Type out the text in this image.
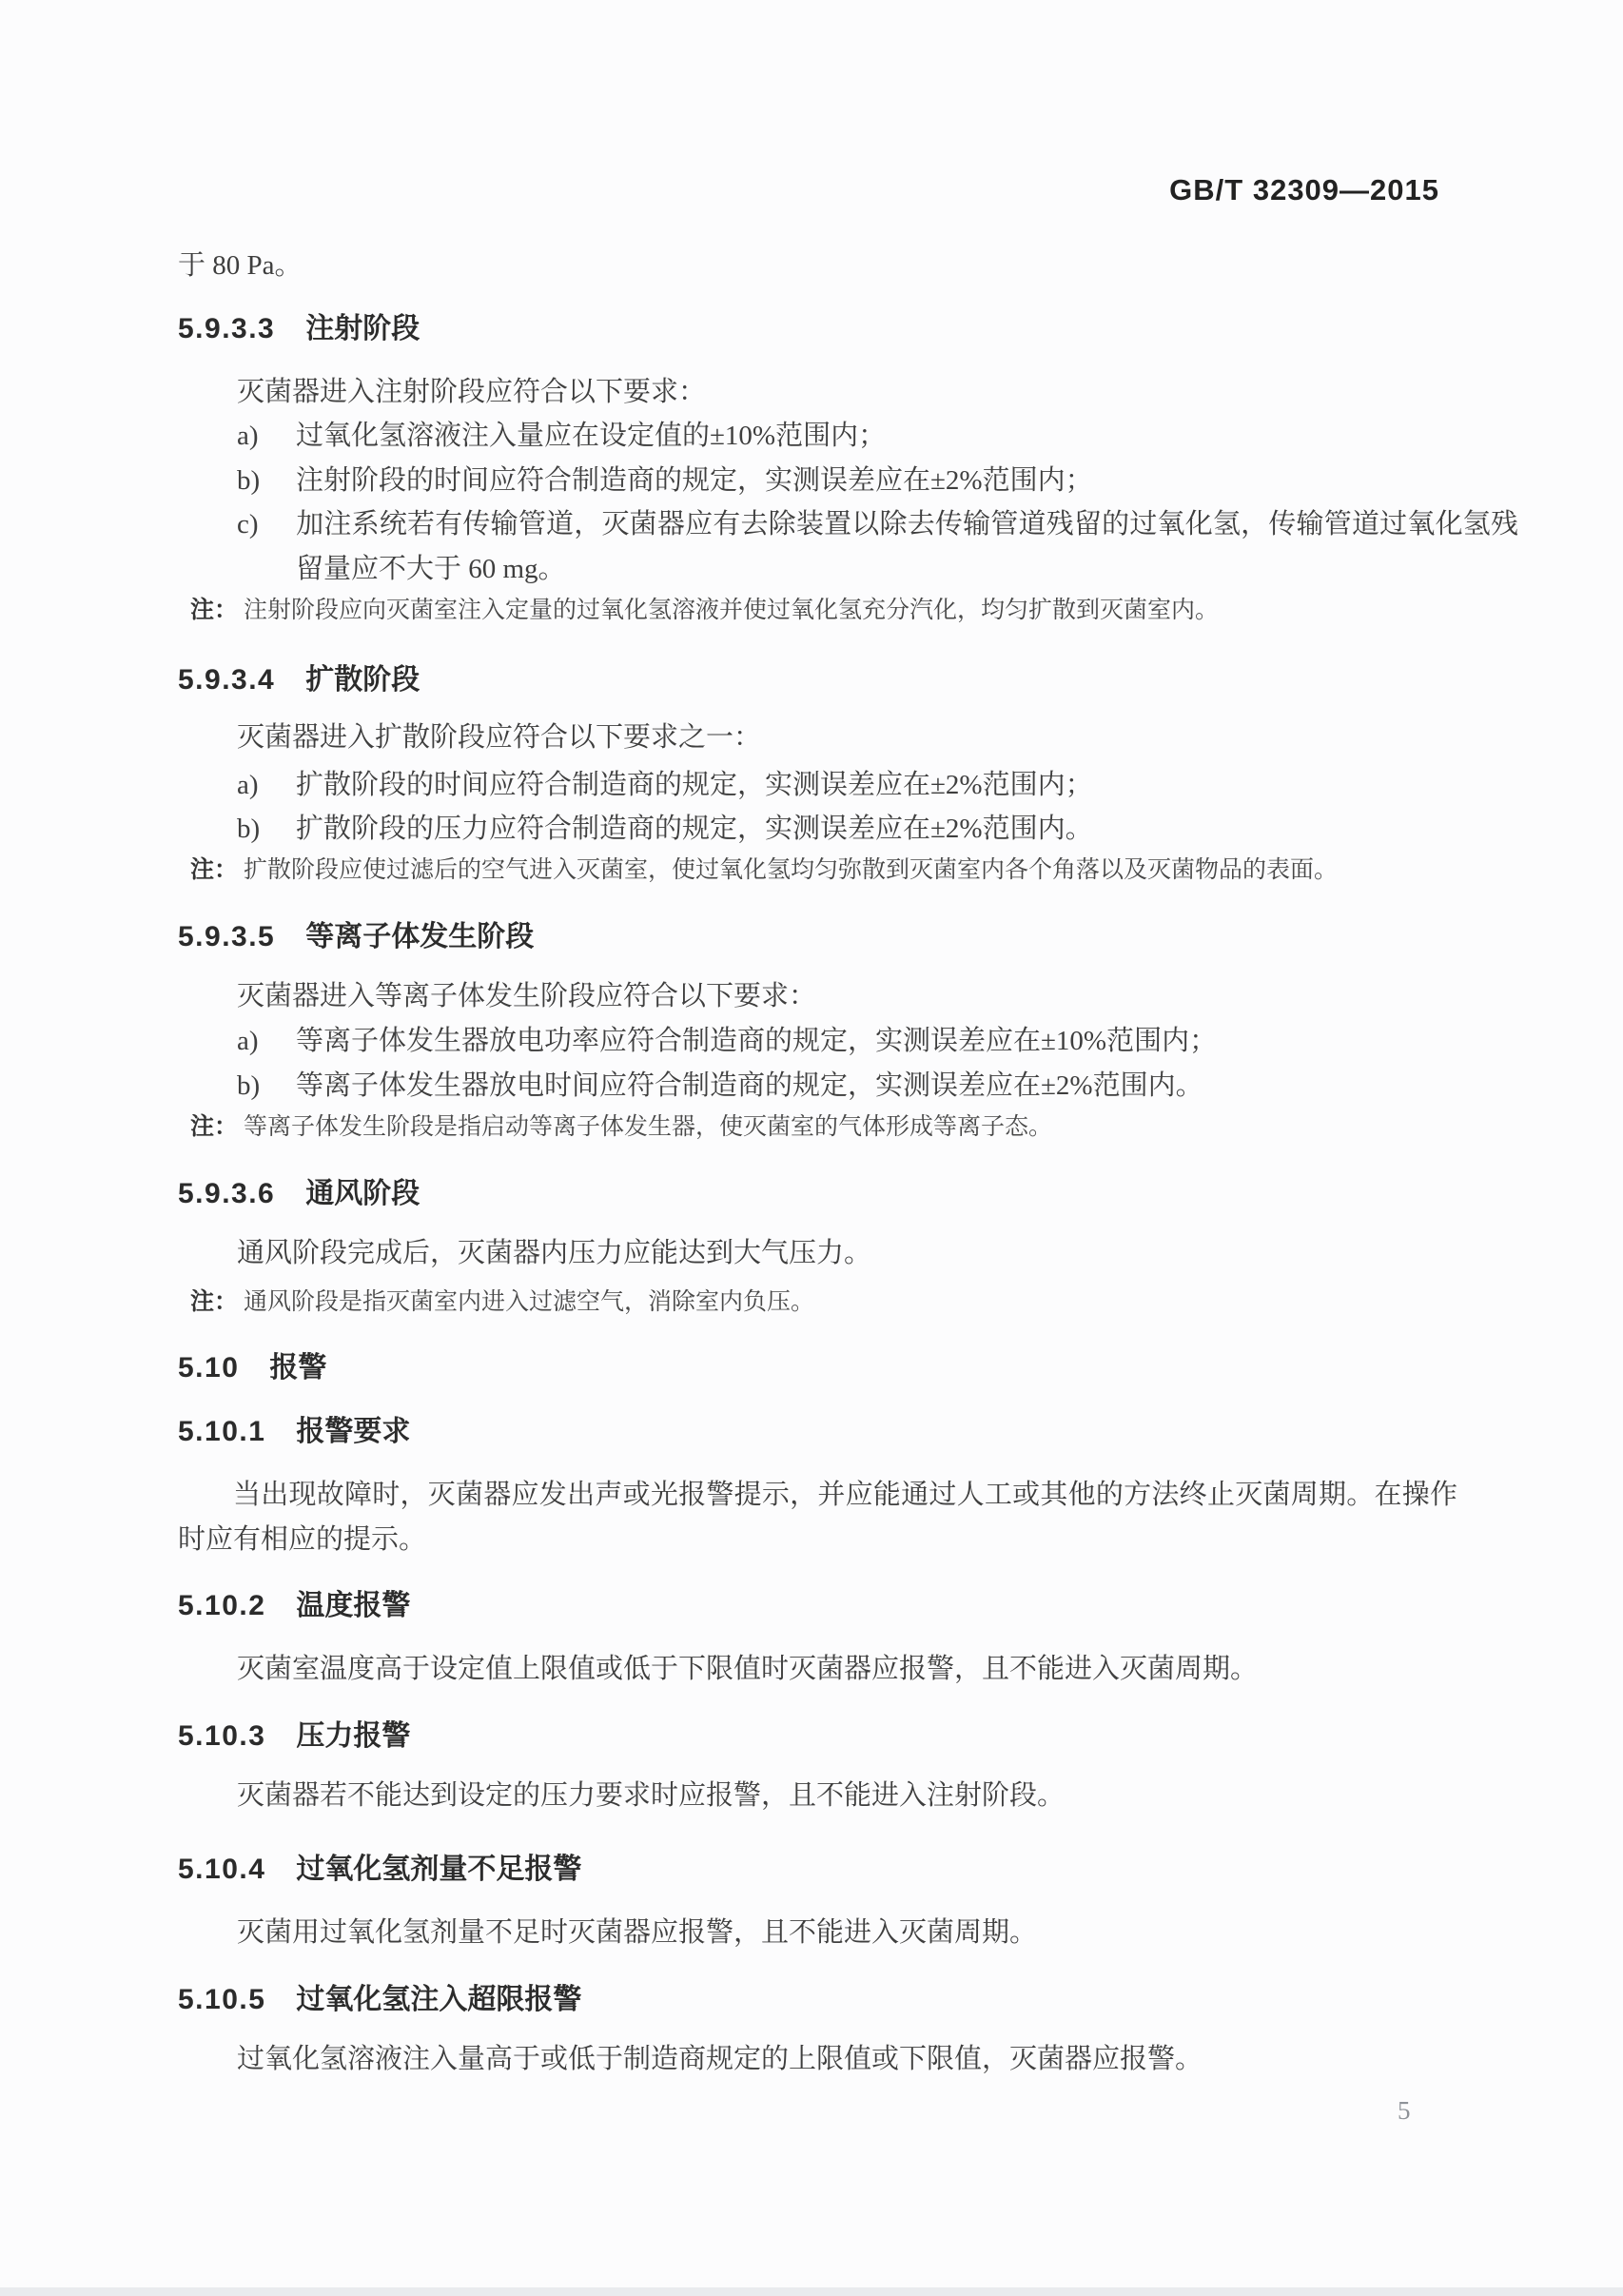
GB/T 32309—2015
于 80 Pa。
5.9.3.3 注射阶段
灭菌器进入注射阶段应符合以下要求：
a) 过氧化氢溶液注入量应在设定值的±10%范围内；
b) 注射阶段的时间应符合制造商的规定，实测误差应在±2%范围内；
c) 加注系统若有传输管道，灭菌器应有去除装置以除去传输管道残留的过氧化氢，传输管道过氧化氢残留量应不大于 60 mg。
注： 注射阶段应向灭菌室注入定量的过氧化氢溶液并使过氧化氢充分汽化，均匀扩散到灭菌室内。
5.9.3.4 扩散阶段
灭菌器进入扩散阶段应符合以下要求之一：
a) 扩散阶段的时间应符合制造商的规定，实测误差应在±2%范围内；
b) 扩散阶段的压力应符合制造商的规定，实测误差应在±2%范围内。
注： 扩散阶段应使过滤后的空气进入灭菌室，使过氧化氢均匀弥散到灭菌室内各个角落以及灭菌物品的表面。
5.9.3.5 等离子体发生阶段
灭菌器进入等离子体发生阶段应符合以下要求：
a) 等离子体发生器放电功率应符合制造商的规定，实测误差应在±10%范围内；
b) 等离子体发生器放电时间应符合制造商的规定，实测误差应在±2%范围内。
注： 等离子体发生阶段是指启动等离子体发生器，使灭菌室的气体形成等离子态。
5.9.3.6 通风阶段
通风阶段完成后，灭菌器内压力应能达到大气压力。
注： 通风阶段是指灭菌室内进入过滤空气，消除室内负压。
5.10 报警
5.10.1 报警要求
当出现故障时，灭菌器应发出声或光报警提示，并应能通过人工或其他的方法终止灭菌周期。在操作时应有相应的提示。
5.10.2 温度报警
灭菌室温度高于设定值上限值或低于下限值时灭菌器应报警，且不能进入灭菌周期。
5.10.3 压力报警
灭菌器若不能达到设定的压力要求时应报警，且不能进入注射阶段。
5.10.4 过氧化氢剂量不足报警
灭菌用过氧化氢剂量不足时灭菌器应报警，且不能进入灭菌周期。
5.10.5 过氧化氢注入超限报警
过氧化氢溶液注入量高于或低于制造商规定的上限值或下限值，灭菌器应报警。
5
